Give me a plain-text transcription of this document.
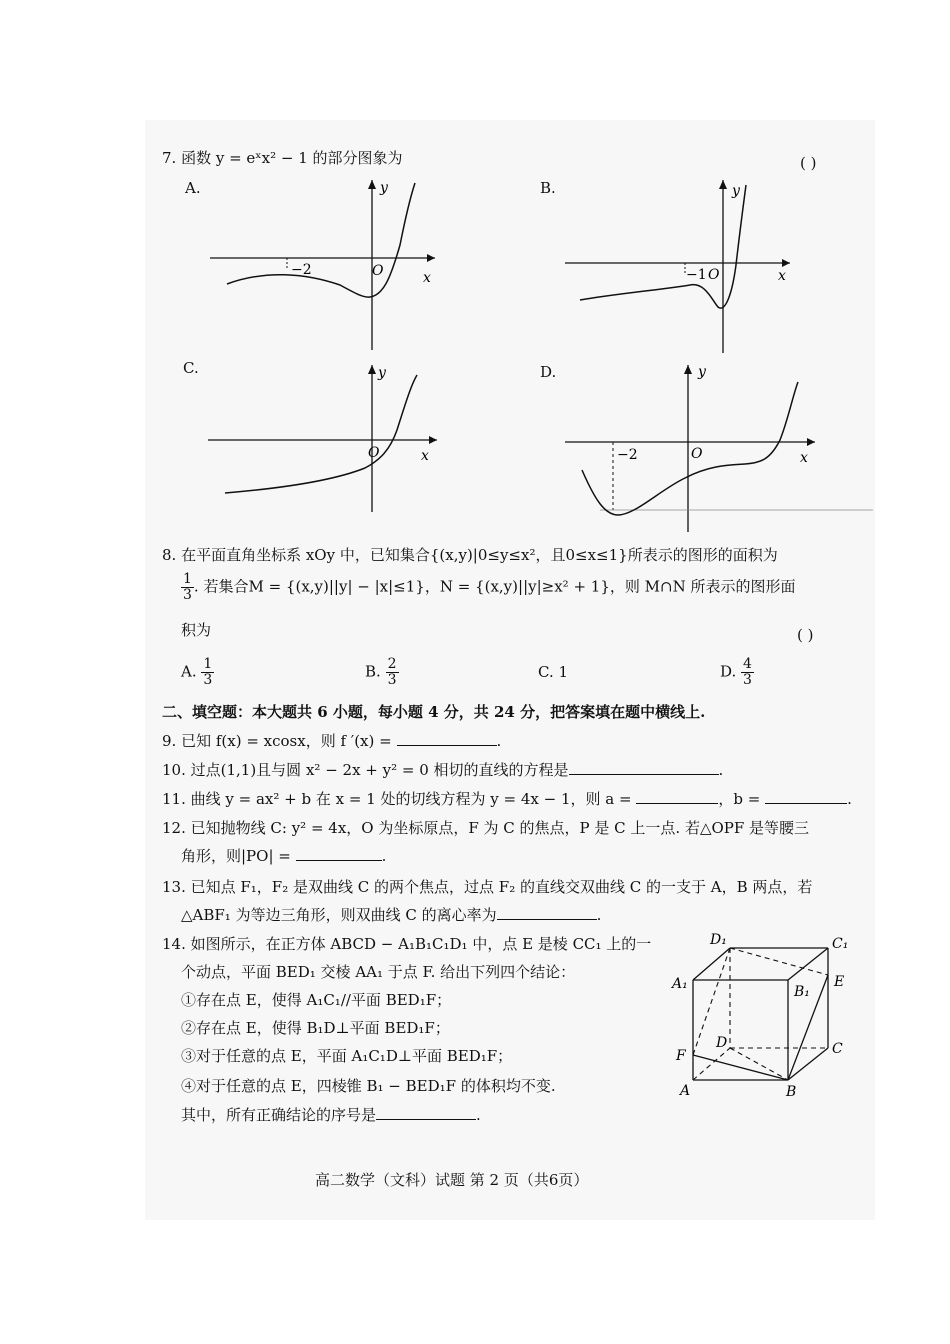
7. 函数 y = eˣx² − 1 的部分图象为	( )
A.
−2	O	x
y	B.
−1 O	x
y
C.
O	x
y	D.
−2	O	x
y
8. 在平面直角坐标系 xOy 中，已知集合{(x,y)|0≤y≤x²，且0≤x≤1}所表示的图形的面积为
$\frac{1}{3}$ . 若集合M = {(x,y)||y| − |x|≤1}，N = {(x,y)||y|≥x² + 1}，则 M∩N 所表示的图形面
积为	( )
A. $\frac{1}{3}$	B. $\frac{2}{3}$	C. 1	D. $\frac{4}{3}$
二、填空题：本大题共 6 小题，每小题 4 分，共 24 分，把答案填在题中横线上.
9. 已知 f(x) = xcosx，则 f ′(x) =	.
10. 过点(1,1)且与圆 x² − 2x + y² = 0 相切的直线的方程是	.
11. 曲线 y = ax² + b 在 x = 1 处的切线方程为 y = 4x − 1，则 a =	，b =	.
12. 已知抛物线 C: y² = 4x，O 为坐标原点，F 为 C 的焦点，P 是 C 上一点. 若△OPF 是等腰三
角形，则|PO| =	.
13. 已知点 F₁，F₂ 是双曲线 C 的两个焦点，过点 F₂ 的直线交双曲线 C 的一支于 A，B 两点，若
△ABF₁ 为等边三角形，则双曲线 C 的离心率为	.
14. 如图所示，在正方体 ABCD − A₁B₁C₁D₁ 中，点 E 是棱 CC₁ 上的一
个动点，平面 BED₁ 交棱 AA₁ 于点 F. 给出下列四个结论：
①存在点 E，使得 A₁C₁//平面 BED₁F；
②存在点 E，使得 B₁D⊥平面 BED₁F；
③对于任意的点 E，平面 A₁C₁D⊥平面 BED₁F；
④对于任意的点 E，四棱锥 B₁ − BED₁F 的体积均不变.
其中，所有正确结论的序号是	.
D₁	C₁
A₁	B₁
E
D	C
F
A	B
高二数学（文科）试题 第 2 页（共6页）
